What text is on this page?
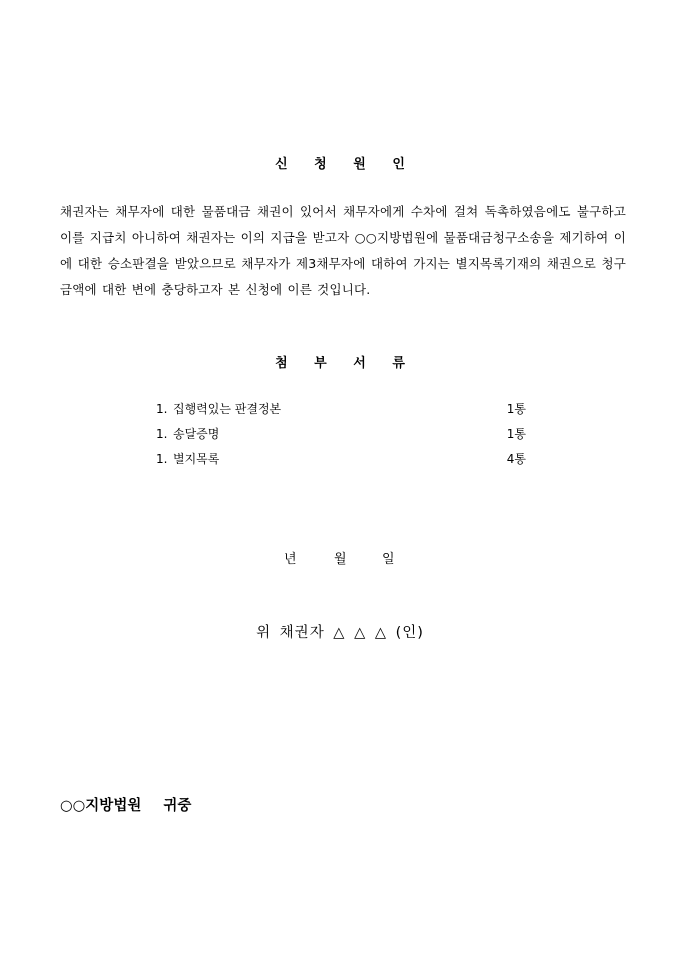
신 청 원 인
채권자는 채무자에 대한 물품대금 채권이 있어서 채무자에게 수차에 걸쳐 독촉하였음에도 불구하고 이를 지급치 아니하여 채권자는 이의 지급을 받고자 ○○지방법원에 물품대금청구소송을 제기하여 이에 대한 승소판결을 받았으므로 채무자가 제3채무자에 대하여 가지는 별지목록기재의 채권으로 청구금액에 대한 변에 충당하고자 본 신청에 이른 것입니다.
첨 부 서 류
1. 집행력있는 판결정본	1통
1. 송달증명	1통
1. 별지목록	4통
년	월	일
위 채권자 △ △ △ (인)
○○지방법원 귀중
